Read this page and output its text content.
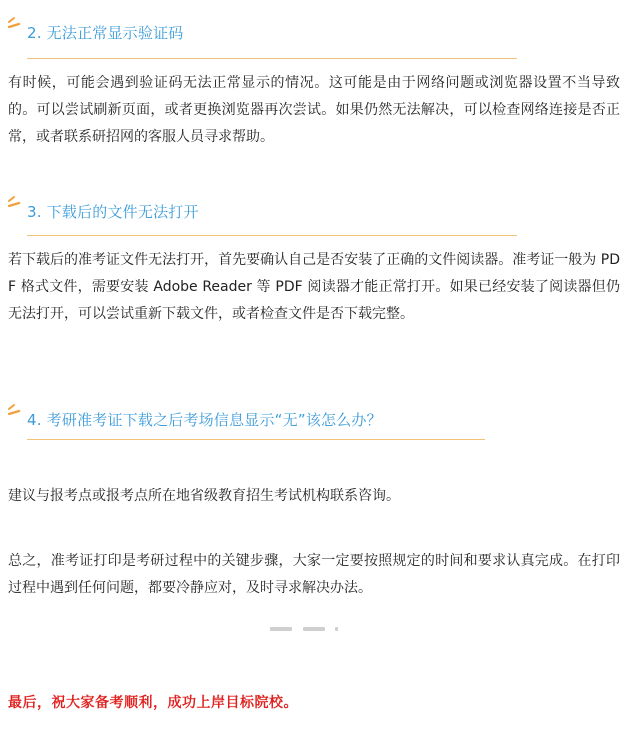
2. 无法正常显示验证码
有时候，可能会遇到验证码无法正常显示的情况。这可能是由于网络问题或浏览器设置不当导致的。可以尝试刷新页面，或者更换浏览器再次尝试。如果仍然无法解决，可以检查网络连接是否正常，或者联系研招网的客服人员寻求帮助。
3. 下载后的文件无法打开
若下载后的准考证文件无法打开，首先要确认自己是否安装了正确的文件阅读器。准考证一般为 PDF 格式文件，需要安装 Adobe Reader 等 PDF 阅读器才能正常打开。如果已经安装了阅读器但仍无法打开，可以尝试重新下载文件，或者检查文件是否下载完整。
4. 考研准考证下载之后考场信息显示“无”该怎么办？
建议与报考点或报考点所在地省级教育招生考试机构联系咨询。
总之，准考证打印是考研过程中的关键步骤，大家一定要按照规定的时间和要求认真完成。在打印过程中遇到任何问题，都要冷静应对，及时寻求解决办法。
最后，祝大家备考顺利，成功上岸目标院校。
